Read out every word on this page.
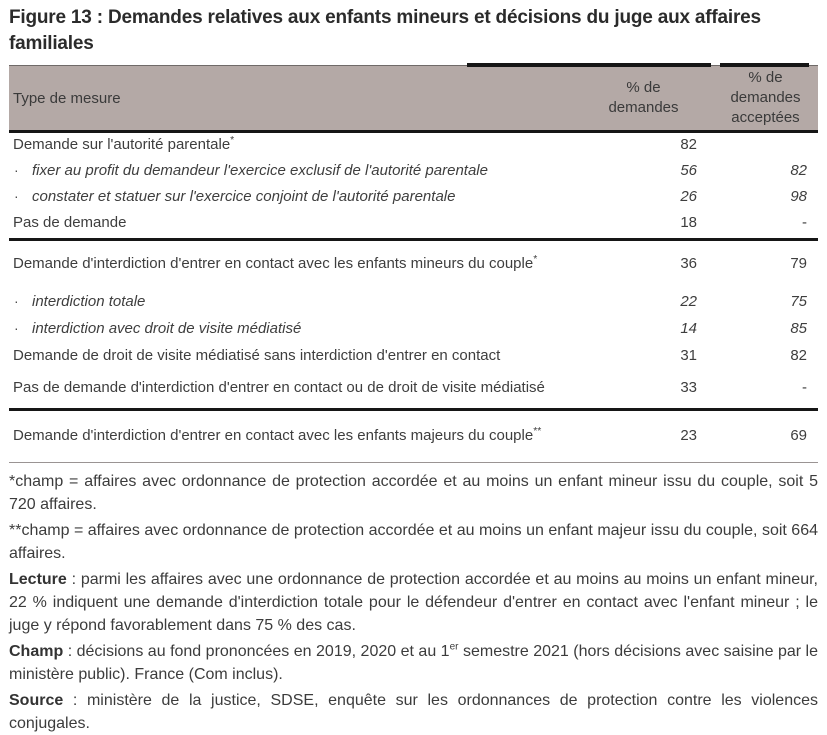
Figure 13 : Demandes relatives aux enfants mineurs et décisions du juge aux affaires familiales
Type de mesure	% de demandes	% de demandes acceptées
Demande sur l'autorité parentale*	82	
· fixer au profit du demandeur l'exercice exclusif de l'autorité parentale	56	82
· constater et statuer sur l'exercice conjoint de l'autorité parentale	26	98
Pas de demande	18	-
Demande d'interdiction d'entrer en contact avec les enfants mineurs du couple*	36	79
· interdiction totale	22	75
· interdiction avec droit de visite médiatisé	14	85
Demande de droit de visite médiatisé sans interdiction d'entrer en contact	31	82
Pas de demande d'interdiction d'entrer en contact ou de droit de visite médiatisé	33	-
Demande d'interdiction d'entrer en contact avec les enfants majeurs du couple**	23	69

*champ = affaires avec ordonnance de protection accordée et au moins un enfant mineur issu du couple, soit 5 720 affaires.

**champ = affaires avec ordonnance de protection accordée et au moins un enfant majeur issu du couple, soit 664 affaires.

Lecture : parmi les affaires avec une ordonnance de protection accordée et au moins au moins un enfant mineur, 22 % indiquent une demande d'interdiction totale pour le défendeur d'entrer en contact avec l'enfant mineur ; le juge y répond favorablement dans 75 % des cas.

Champ : décisions au fond prononcées en 2019, 2020 et au 1er semestre 2021 (hors décisions avec saisine par le ministère public). France (Com inclus).

Source : ministère de la justice, SDSE, enquête sur les ordonnances de protection contre les violences conjugales.
